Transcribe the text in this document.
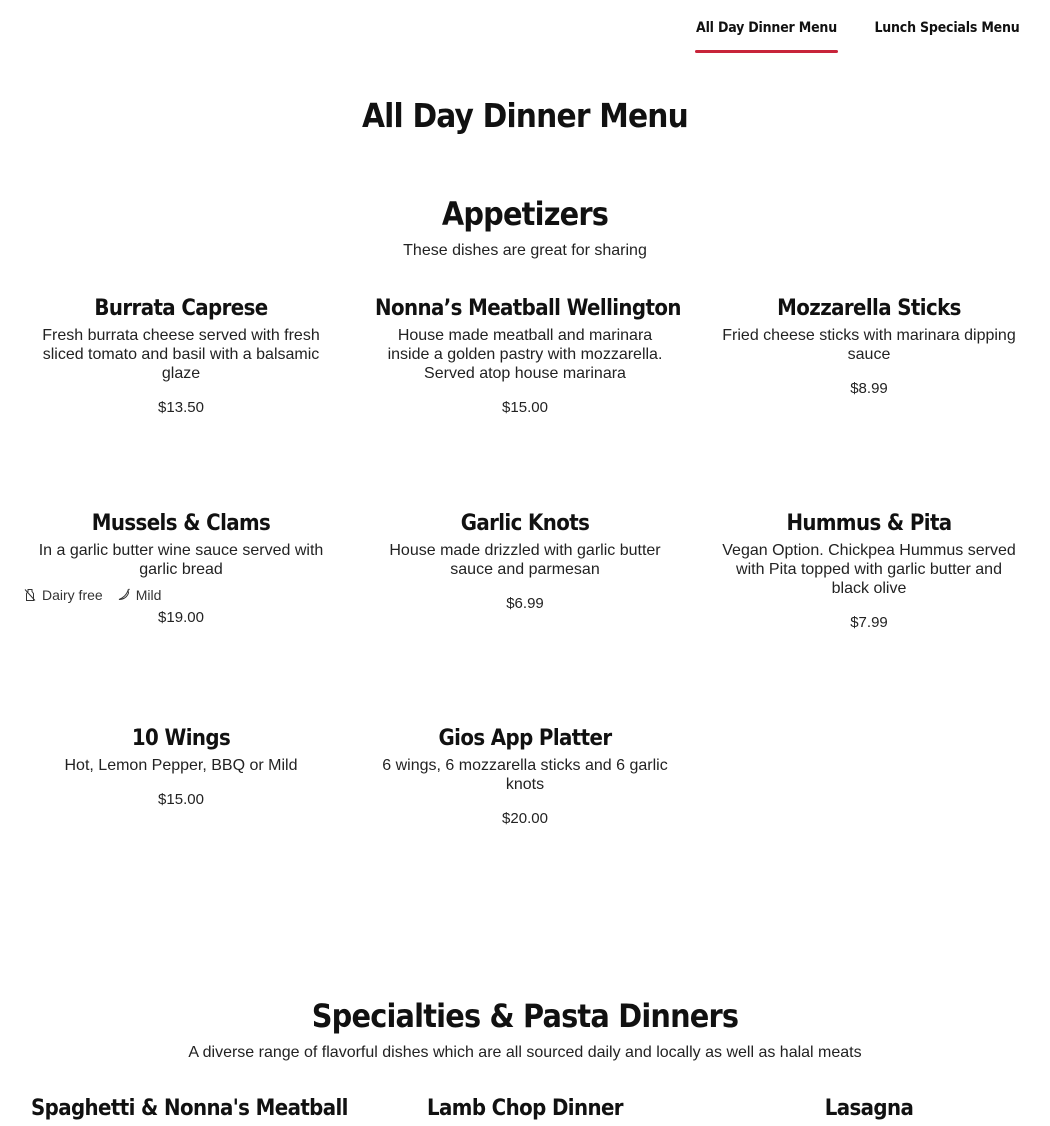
All Day Dinner Menu	Lunch Specials Menu
All Day Dinner Menu
Appetizers
These dishes are great for sharing
Burrata Caprese
Fresh burrata cheese served with fresh sliced tomato and basil with a balsamic glaze
$13.50
Nonna’s Meatball Wellington
House made meatball and marinara inside a golden pastry with mozzarella. Served atop house marinara
$15.00
Mozzarella Sticks
Fried cheese sticks with marinara dipping sauce
$8.99
Mussels & Clams
In a garlic butter wine sauce served with garlic bread
Dairy free Mild
$19.00
Garlic Knots
House made drizzled with garlic butter sauce and parmesan
$6.99
Hummus & Pita
Vegan Option. Chickpea Hummus served with Pita topped with garlic butter and black olive
$7.99
10 Wings
Hot, Lemon Pepper, BBQ or Mild
$15.00
Gios App Platter
6 wings, 6 mozzarella sticks and 6 garlic knots
$20.00
Specialties & Pasta Dinners
A diverse range of flavorful dishes which are all sourced daily and locally as well as halal meats
Spaghetti & Nonna's Meatball	Lamb Chop Dinner	Lasagna
